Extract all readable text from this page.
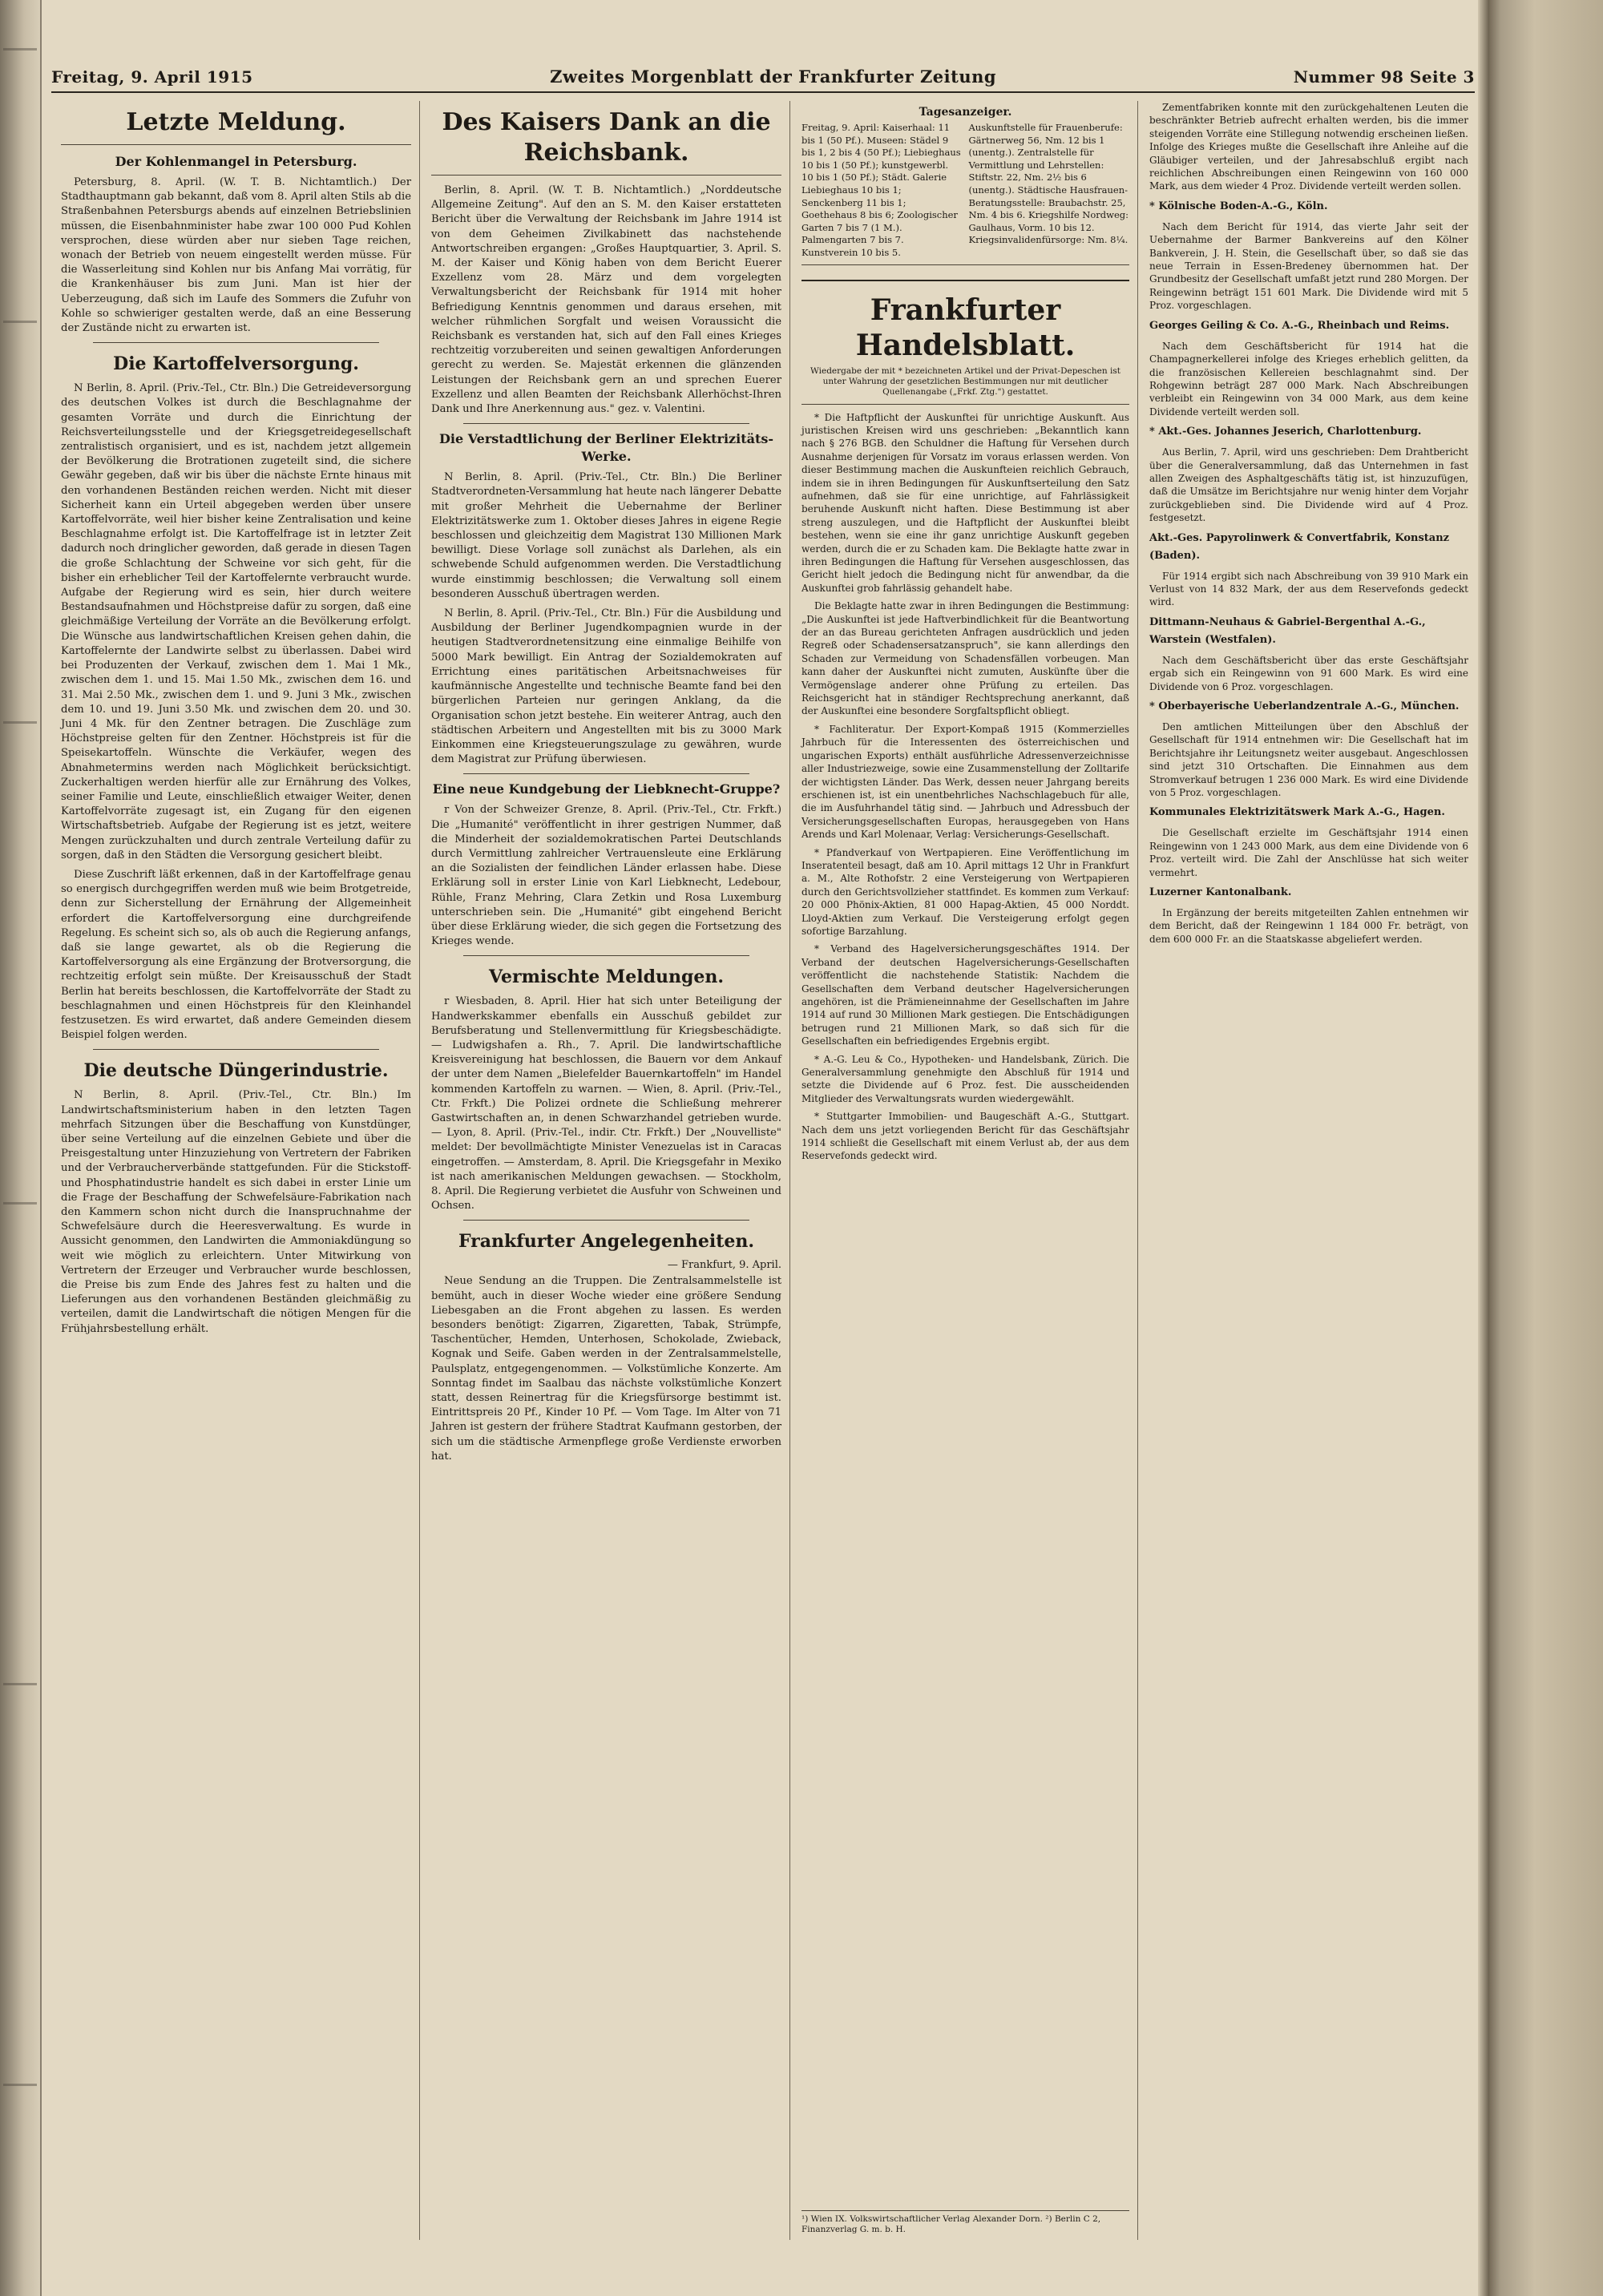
Freitag, 9. April 1915	Zweites Morgenblatt der Frankfurter Zeitung	Nummer 98 Seite 3
Letzte Meldung.
Der Kohlenmangel in Petersburg.

Petersburg, 8. April. (W. T. B. Nichtamtlich.) Der Stadthauptmann gab bekannt, daß vom 8. April alten Stils ab die Straßenbahnen Petersburgs abends auf einzelnen Betriebslinien müssen, die Eisenbahnminister habe zwar 100 000 Pud Kohlen versprochen, diese würden aber nur sieben Tage reichen, wonach der Betrieb von neuem eingestellt werden müsse. Für die Wasserleitung sind Kohlen nur bis Anfang Mai vorrätig, für die Krankenhäuser bis zum Juni. Man ist hier der Ueberzeugung, daß sich im Laufe des Sommers die Zufuhr von Kohle so schwieriger gestalten werde, daß an eine Besserung der Zustände nicht zu erwarten ist.

Die Kartoffelversorgung.

N Berlin, 8. April. (Priv.-Tel., Ctr. Bln.) Die Getreideversorgung des deutschen Volkes ist durch die Beschlagnahme der gesamten Vorräte und durch die Einrichtung der Reichsverteilungsstelle und der Kriegsgetreidegesellschaft zentralistisch organisiert, und es ist, nachdem jetzt allgemein der Bevölkerung die Brotrationen zugeteilt sind, die sichere Gewähr gegeben, daß wir bis über die nächste Ernte hinaus mit den vorhandenen Beständen reichen werden. Nicht mit dieser Sicherheit kann ein Urteil abgegeben werden über unsere Kartoffelvorräte, weil hier bisher keine Zentralisation und keine Beschlagnahme erfolgt ist. Die Kartoffelfrage ist in letzter Zeit dadurch noch dringlicher geworden, daß gerade in diesen Tagen die große Schlachtung der Schweine vor sich geht, für die bisher ein erheblicher Teil der Kartoffelernte verbraucht wurde. Aufgabe der Regierung wird es sein, hier durch weitere Bestandsaufnahmen und Höchstpreise dafür zu sorgen, daß eine gleichmäßige Verteilung der Vorräte an die Bevölkerung erfolgt. Die Wünsche aus landwirtschaftlichen Kreisen gehen dahin, die Kartoffelernte der Landwirte selbst zu überlassen. Dabei wird bei Produzenten der Verkauf, zwischen dem 1. Mai 1 Mk., zwischen dem 1. und 15. Mai 1.50 Mk., zwischen dem 16. und 31. Mai 2.50 Mk., zwischen dem 1. und 9. Juni 3 Mk., zwischen dem 10. und 19. Juni 3.50 Mk. und zwischen dem 20. und 30. Juni 4 Mk. für den Zentner betragen. Die Zuschläge zum Höchstpreise gelten für den Zentner. Höchstpreis ist für die Speisekartoffeln. Wünschte die Verkäufer, wegen des Abnahmetermins werden nach Möglichkeit berücksichtigt. Zuckerhaltigen werden hierfür alle zur Ernährung des Volkes, seiner Familie und Leute, einschließlich etwaiger Weiter, denen Kartoffelvorräte zugesagt ist, ein Zugang für den eigenen Wirtschaftsbetrieb. Aufgabe der Regierung ist es jetzt, weitere Mengen zurückzuhalten und durch zentrale Verteilung dafür zu sorgen, daß in den Städten die Versorgung gesichert bleibt.

Diese Zuschrift läßt erkennen, daß in der Kartoffelfrage genau so energisch durchgegriffen werden muß wie beim Brotgetreide, denn zur Sicherstellung der Ernährung der Allgemeinheit erfordert die Kartoffelversorgung eine durchgreifende Regelung. Es scheint sich so, als ob auch die Regierung anfangs, daß sie lange gewartet, als ob die Regierung die Kartoffelversorgung als eine Ergänzung der Brotversorgung, die rechtzeitig erfolgt sein müßte. Der Kreisausschuß der Stadt Berlin hat bereits beschlossen, die Kartoffelvorräte der Stadt zu beschlagnahmen und einen Höchstpreis für den Kleinhandel festzusetzen. Es wird erwartet, daß andere Gemeinden diesem Beispiel folgen werden.

Die deutsche Düngerindustrie.

N Berlin, 8. April. (Priv.-Tel., Ctr. Bln.) Im Landwirtschaftsministerium haben in den letzten Tagen mehrfach Sitzungen über die Beschaffung von Kunstdünger, über seine Verteilung auf die einzelnen Gebiete und über die Preisgestaltung unter Hinzuziehung von Vertretern der Fabriken und der Verbraucherverbände stattgefunden. Für die Stickstoff- und Phosphatindustrie handelt es sich dabei in erster Linie um die Frage der Beschaffung der Schwefelsäure-Fabrikation nach den Kammern schon nicht durch die Inanspruchnahme der Schwefelsäure durch die Heeresverwaltung. Es wurde in Aussicht genommen, den Landwirten die Ammoniakdüngung so weit wie möglich zu erleichtern. Unter Mitwirkung von Vertretern der Erzeuger und Verbraucher wurde beschlossen, die Preise bis zum Ende des Jahres fest zu halten und die Lieferungen aus den vorhandenen Beständen gleichmäßig zu verteilen, damit die Landwirtschaft die nötigen Mengen für die Frühjahrsbestellung erhält.

Des Kaisers Dank an die Reichsbank.

Berlin, 8. April. (W. T. B. Nichtamtlich.) „Norddeutsche Allgemeine Zeitung". Auf den an S. M. den Kaiser erstatteten Bericht über die Verwaltung der Reichsbank im Jahre 1914 ist von dem Geheimen Zivilkabinett das nachstehende Antwortschreiben ergangen: „Großes Hauptquartier, 3. April. S. M. der Kaiser und König haben von dem Bericht Euerer Exzellenz vom 28. März und dem vorgelegten Verwaltungsbericht der Reichsbank für 1914 mit hoher Befriedigung Kenntnis genommen und daraus ersehen, mit welcher rühmlichen Sorgfalt und weisen Voraussicht die Reichsbank es verstanden hat, sich auf den Fall eines Krieges rechtzeitig vorzubereiten und seinen gewaltigen Anforderungen gerecht zu werden. Se. Majestät erkennen die glänzenden Leistungen der Reichsbank gern an und sprechen Euerer Exzellenz und allen Beamten der Reichsbank Allerhöchst-Ihren Dank und Ihre Anerkennung aus." gez. v. Valentini.

Die Verstadtlichung der Berliner Elektrizitäts-Werke.

N Berlin, 8. April. (Priv.-Tel., Ctr. Bln.) Die Berliner Stadtverordneten-Versammlung hat heute nach längerer Debatte mit großer Mehrheit die Uebernahme der Berliner Elektrizitätswerke zum 1. Oktober dieses Jahres in eigene Regie beschlossen und gleichzeitig dem Magistrat 130 Millionen Mark bewilligt. Diese Vorlage soll zunächst als Darlehen, als ein schwebende Schuld aufgenommen werden. Die Verstadtlichung wurde einstimmig beschlossen; die Verwaltung soll einem besonderen Ausschuß übertragen werden.

N Berlin, 8. April. (Priv.-Tel., Ctr. Bln.) Für die Ausbildung und Ausbildung der Berliner Jugendkompagnien wurde in der heutigen Stadtverordnetensitzung eine einmalige Beihilfe von 5000 Mark bewilligt. Ein Antrag der Sozialdemokraten auf Errichtung eines paritätischen Arbeitsnachweises für kaufmännische Angestellte und technische Beamte fand bei den bürgerlichen Parteien nur geringen Anklang, da die Organisation schon jetzt bestehe. Ein weiterer Antrag, auch den städtischen Arbeitern und Angestellten mit bis zu 3000 Mark Einkommen eine Kriegsteuerungszulage zu gewähren, wurde dem Magistrat zur Prüfung überwiesen.

Eine neue Kundgebung der Liebknecht-Gruppe?

r Von der Schweizer Grenze, 8. April. (Priv.-Tel., Ctr. Frkft.) Die „Humanité" veröffentlicht in ihrer gestrigen Nummer, daß die Minderheit der sozialdemokratischen Partei Deutschlands durch Vermittlung zahlreicher Vertrauensleute eine Erklärung an die Sozialisten der feindlichen Länder erlassen habe. Diese Erklärung soll in erster Linie von Karl Liebknecht, Ledebour, Rühle, Franz Mehring, Clara Zetkin und Rosa Luxemburg unterschrieben sein. Die „Humanité" gibt eingehend Bericht über diese Erklärung wieder, die sich gegen die Fortsetzung des Krieges wende.

Vermischte Meldungen.

r Wiesbaden, 8. April. Hier hat sich unter Beteiligung der Handwerkskammer ebenfalls ein Ausschuß gebildet zur Berufsberatung und Stellenvermittlung für Kriegsbeschädigte. — Ludwigshafen a. Rh., 7. April. Die landwirtschaftliche Kreisvereinigung hat beschlossen, die Bauern vor dem Ankauf der unter dem Namen „Bielefelder Bauernkartoffeln" im Handel kommenden Kartoffeln zu warnen. — Wien, 8. April. (Priv.-Tel., Ctr. Frkft.) Die Polizei ordnete die Schließung mehrerer Gastwirtschaften an, in denen Schwarzhandel getrieben wurde. — Lyon, 8. April. (Priv.-Tel., indir. Ctr. Frkft.) Der „Nouvelliste" meldet: Der bevollmächtigte Minister Venezuelas ist in Caracas eingetroffen. — Amsterdam, 8. April. Die Kriegsgefahr in Mexiko ist nach amerikanischen Meldungen gewachsen. — Stockholm, 8. April. Die Regierung verbietet die Ausfuhr von Schweinen und Ochsen.

Frankfurter Angelegenheiten.
— Frankfurt, 9. April.

Neue Sendung an die Truppen. Die Zentralsammelstelle ist bemüht, auch in dieser Woche wieder eine größere Sendung Liebesgaben an die Front abgehen zu lassen. Es werden besonders benötigt: Zigarren, Zigaretten, Tabak, Strümpfe, Taschentücher, Hemden, Unterhosen, Schokolade, Zwieback, Kognak und Seife. Gaben werden in der Zentralsammelstelle, Paulsplatz, entgegengenommen. — Volkstümliche Konzerte. Am Sonntag findet im Saalbau das nächste volkstümliche Konzert statt, dessen Reinertrag für die Kriegsfürsorge bestimmt ist. Eintrittspreis 20 Pf., Kinder 10 Pf. — Vom Tage. Im Alter von 71 Jahren ist gestern der frühere Stadtrat Kaufmann gestorben, der sich um die städtische Armenpflege große Verdienste erworben hat.

Tagesanzeiger.
Freitag, 9. April: Kaiserhaal: 11 bis 1 (50 Pf.). Museen: Städel 9 bis 1, 2 bis 4 (50 Pf.); Liebieghaus 10 bis 1 (50 Pf.); kunstgewerbl. 10 bis 1 (50 Pf.); Städt. Galerie Liebieghaus 10 bis 1; Senckenberg 11 bis 1; Goethehaus 8 bis 6; Zoologischer Garten 7 bis 7 (1 M.). Palmengarten 7 bis 7. Kunstverein 10 bis 5.
Auskunftstelle für Frauenberufe: Gärtnerweg 56, Nm. 12 bis 1 (unentg.). Zentralstelle für Vermittlung und Lehrstellen: Stiftstr. 22, Nm. 2½ bis 6 (unentg.). Städtische Hausfrauen-Beratungsstelle: Braubachstr. 25, Nm. 4 bis 6. Kriegshilfe Nordweg: Gaulhaus, Vorm. 10 bis 12. Kriegsinvalidenfürsorge: Nm. 8¼.
Frankfurter Handelsblatt.
Wiedergabe der mit * bezeichneten Artikel und der Privat-Depeschen ist unter Wahrung der gesetzlichen Bestimmungen nur mit deutlicher Quellenangabe („Frkf. Ztg.") gestattet.

* Die Haftpflicht der Auskunftei für unrichtige Auskunft. Aus juristischen Kreisen wird uns geschrieben: „Bekanntlich kann nach § 276 BGB. den Schuldner die Haftung für Versehen durch Ausnahme derjenigen für Vorsatz im voraus erlassen werden. Von dieser Bestimmung machen die Auskunfteien reichlich Gebrauch, indem sie in ihren Bedingungen für Auskunftserteilung den Satz aufnehmen, daß sie für eine unrichtige, auf Fahrlässigkeit beruhende Auskunft nicht haften. Diese Bestimmung ist aber streng auszulegen, und die Haftpflicht der Auskunftei bleibt bestehen, wenn sie eine ihr ganz unrichtige Auskunft gegeben werden, durch die er zu Schaden kam. Die Beklagte hatte zwar in ihren Bedingungen die Haftung für Versehen ausgeschlossen, das Gericht hielt jedoch die Bedingung nicht für anwendbar, da die Auskunftei grob fahrlässig gehandelt habe.

Die Beklagte hatte zwar in ihren Bedingungen die Bestimmung: „Die Auskunftei ist jede Haftverbindlichkeit für die Beantwortung der an das Bureau gerichteten Anfragen ausdrücklich und jeden Regreß oder Schadensersatzanspruch", sie kann allerdings den Schaden zur Vermeidung von Schadensfällen vorbeugen. Man kann daher der Auskunftei nicht zumuten, Auskünfte über die Vermögenslage anderer ohne Prüfung zu erteilen. Das Reichsgericht hat in ständiger Rechtsprechung anerkannt, daß der Auskunftei eine besondere Sorgfaltspflicht obliegt.

* Fachliteratur. Der Export-Kompaß 1915 (Kommerzielles Jahrbuch für die Interessenten des österreichischen und ungarischen Exports) enthält ausführliche Adressenverzeichnisse aller Industriezweige, sowie eine Zusammenstellung der Zolltarife der wichtigsten Länder. Das Werk, dessen neuer Jahrgang bereits erschienen ist, ist ein unentbehrliches Nachschlagebuch für alle, die im Ausfuhrhandel tätig sind. — Jahrbuch und Adressbuch der Versicherungsgesellschaften Europas, herausgegeben von Hans Arends und Karl Molenaar, Verlag: Versicherungs-Gesellschaft.

* Pfandverkauf von Wertpapieren. Eine Veröffentlichung im Inseratenteil besagt, daß am 10. April mittags 12 Uhr in Frankfurt a. M., Alte Rothofstr. 2 eine Versteigerung von Wertpapieren durch den Gerichtsvollzieher stattfindet. Es kommen zum Verkauf: 20 000 Phönix-Aktien, 81 000 Hapag-Aktien, 45 000 Norddt. Lloyd-Aktien zum Verkauf. Die Versteigerung erfolgt gegen sofortige Barzahlung.

* Verband des Hagelversicherungsgeschäftes 1914. Der Verband der deutschen Hagelversicherungs-Gesellschaften veröffentlicht die nachstehende Statistik: Nachdem die Gesellschaften dem Verband deutscher Hagelversicherungen angehören, ist die Prämieneinnahme der Gesellschaften im Jahre 1914 auf rund 30 Millionen Mark gestiegen. Die Entschädigungen betrugen rund 21 Millionen Mark, so daß sich für die Gesellschaften ein befriedigendes Ergebnis ergibt.

* A.-G. Leu & Co., Hypotheken- und Handelsbank, Zürich. Die Generalversammlung genehmigte den Abschluß für 1914 und setzte die Dividende auf 6 Proz. fest. Die ausscheidenden Mitglieder des Verwaltungsrats wurden wiedergewählt.

* Stuttgarter Immobilien- und Baugeschäft A.-G., Stuttgart. Nach dem uns jetzt vorliegenden Bericht für das Geschäftsjahr 1914 schließt die Gesellschaft mit einem Verlust ab, der aus dem Reservefonds gedeckt wird.

¹) Wien IX. Volkswirtschaftlicher Verlag Alexander Dorn. ²) Berlin C 2, Finanzverlag G. m. b. H.

Zementfabriken konnte mit den zurückgehaltenen Leuten die beschränkter Betrieb aufrecht erhalten werden, bis die immer steigenden Vorräte eine Stillegung notwendig erscheinen ließen. Infolge des Krieges mußte die Gesellschaft ihre Anleihe auf die Gläubiger verteilen, und der Jahresabschluß ergibt nach reichlichen Abschreibungen einen Reingewinn von 160 000 Mark, aus dem wieder 4 Proz. Dividende verteilt werden sollen.

* Kölnische Boden-A.-G., Köln.

Nach dem Bericht für 1914, das vierte Jahr seit der Uebernahme der Barmer Bankvereins auf den Kölner Bankverein, J. H. Stein, die Gesellschaft über, so daß sie das neue Terrain in Essen-Bredeney übernommen hat. Der Grundbesitz der Gesellschaft umfaßt jetzt rund 280 Morgen. Der Reingewinn beträgt 151 601 Mark. Die Dividende wird mit 5 Proz. vorgeschlagen.

Georges Geiling & Co. A.-G., Rheinbach und Reims.

Nach dem Geschäftsbericht für 1914 hat die Champagnerkellerei infolge des Krieges erheblich gelitten, da die französischen Kellereien beschlagnahmt sind. Der Rohgewinn beträgt 287 000 Mark. Nach Abschreibungen verbleibt ein Reingewinn von 34 000 Mark, aus dem keine Dividende verteilt werden soll.

* Akt.-Ges. Johannes Jeserich, Charlottenburg.

Aus Berlin, 7. April, wird uns geschrieben: Dem Drahtbericht über die Generalversammlung, daß das Unternehmen in fast allen Zweigen des Asphaltgeschäfts tätig ist, ist hinzuzufügen, daß die Umsätze im Berichtsjahre nur wenig hinter dem Vorjahr zurückgeblieben sind. Die Dividende wird auf 4 Proz. festgesetzt.

Akt.-Ges. Papyrolinwerk & Convertfabrik, Konstanz (Baden).

Für 1914 ergibt sich nach Abschreibung von 39 910 Mark ein Verlust von 14 832 Mark, der aus dem Reservefonds gedeckt wird.

Dittmann-Neuhaus & Gabriel-Bergenthal A.-G., Warstein (Westfalen).

Nach dem Geschäftsbericht über das erste Geschäftsjahr ergab sich ein Reingewinn von 91 600 Mark. Es wird eine Dividende von 6 Proz. vorgeschlagen.

* Oberbayerische Ueberlandzentrale A.-G., München.

Den amtlichen Mitteilungen über den Abschluß der Gesellschaft für 1914 entnehmen wir: Die Gesellschaft hat im Berichtsjahre ihr Leitungsnetz weiter ausgebaut. Angeschlossen sind jetzt 310 Ortschaften. Die Einnahmen aus dem Stromverkauf betrugen 1 236 000 Mark. Es wird eine Dividende von 5 Proz. vorgeschlagen.

Kommunales Elektrizitätswerk Mark A.-G., Hagen.

Die Gesellschaft erzielte im Geschäftsjahr 1914 einen Reingewinn von 1 243 000 Mark, aus dem eine Dividende von 6 Proz. verteilt wird. Die Zahl der Anschlüsse hat sich weiter vermehrt.

Luzerner Kantonalbank.

In Ergänzung der bereits mitgeteilten Zahlen entnehmen wir dem Bericht, daß der Reingewinn 1 184 000 Fr. beträgt, von dem 600 000 Fr. an die Staatskasse abgeliefert werden.
